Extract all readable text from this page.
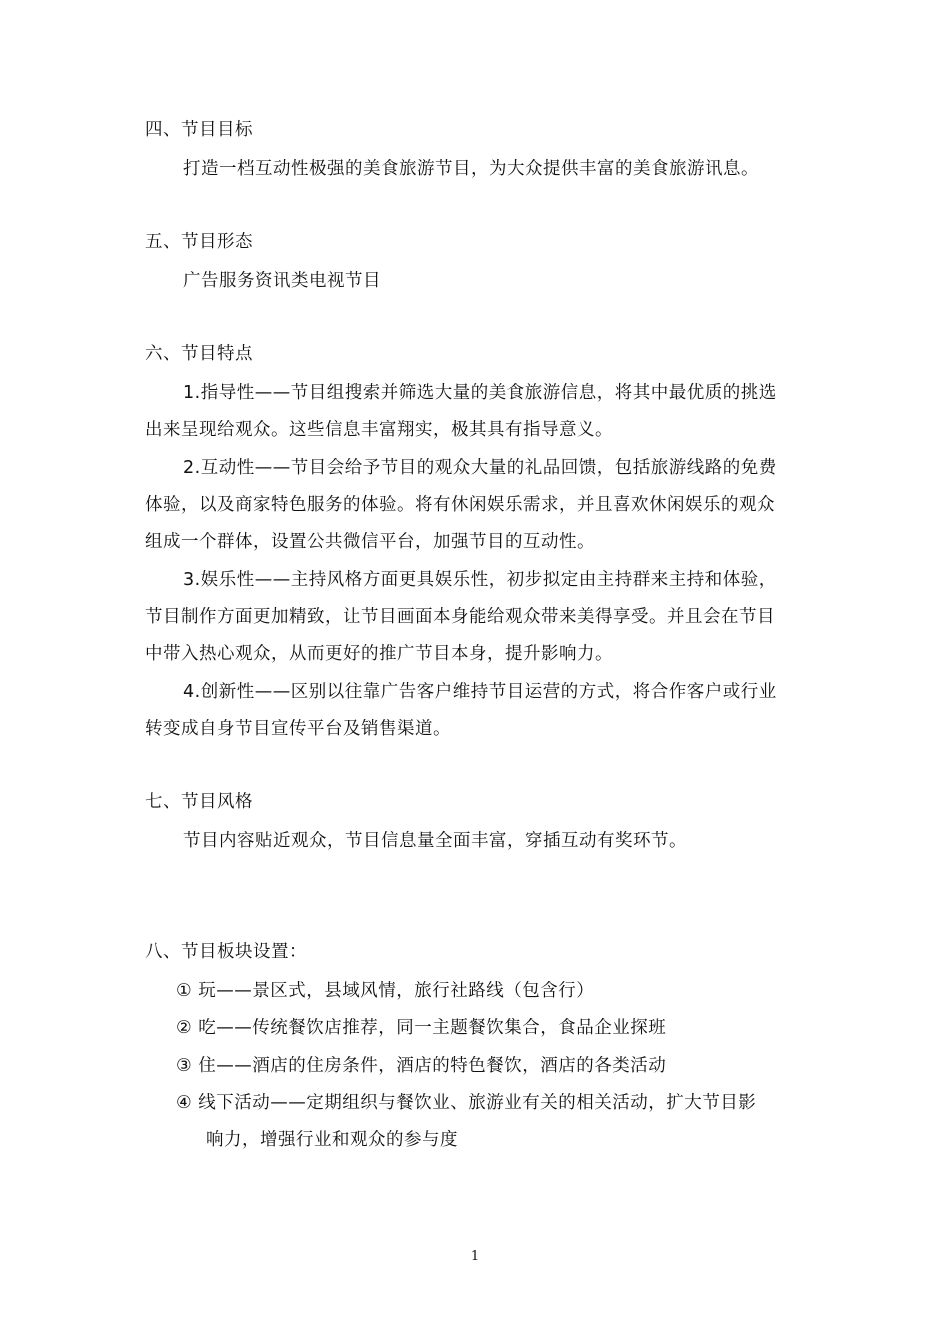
四、节目目标
打造一档互动性极强的美食旅游节目，为大众提供丰富的美食旅游讯息。
五、节目形态
广告服务资讯类电视节目
六、节目特点
1.指导性——节目组搜索并筛选大量的美食旅游信息，将其中最优质的挑选
出来呈现给观众。这些信息丰富翔实，极其具有指导意义。
2.互动性——节目会给予节目的观众大量的礼品回馈，包括旅游线路的免费
体验，以及商家特色服务的体验。将有休闲娱乐需求，并且喜欢休闲娱乐的观众
组成一个群体，设置公共微信平台，加强节目的互动性。
3.娱乐性——主持风格方面更具娱乐性，初步拟定由主持群来主持和体验，
节目制作方面更加精致，让节目画面本身能给观众带来美得享受。并且会在节目
中带入热心观众，从而更好的推广节目本身，提升影响力。
4.创新性——区别以往靠广告客户维持节目运营的方式，将合作客户或行业
转变成自身节目宣传平台及销售渠道。
七、节目风格
节目内容贴近观众，节目信息量全面丰富，穿插互动有奖环节。
八、节目板块设置：
① 玩——景区式，县域风情，旅行社路线（包含行）
② 吃——传统餐饮店推荐，同一主题餐饮集合，食品企业探班
③ 住——酒店的住房条件，酒店的特色餐饮，酒店的各类活动
④ 线下活动——定期组织与餐饮业、旅游业有关的相关活动，扩大节目影
响力，增强行业和观众的参与度
1
